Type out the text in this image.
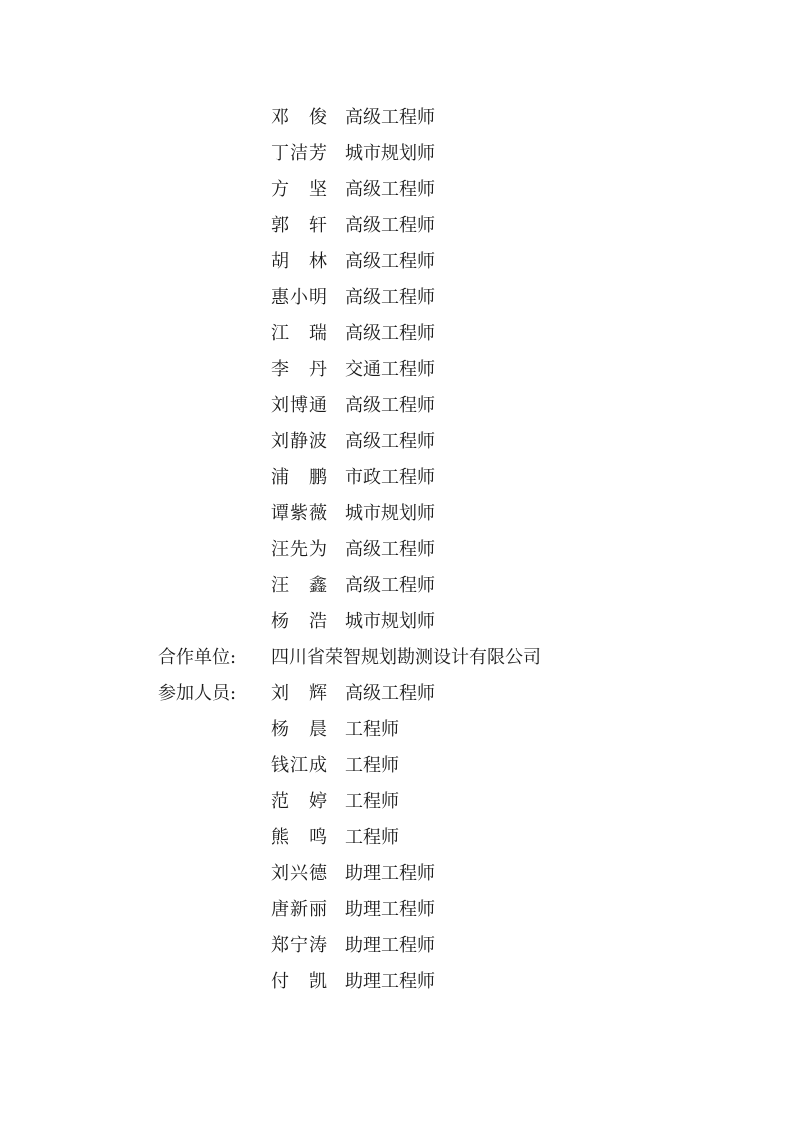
邓 俊 高级工程师
丁 洁 芳 城市规划师
方 坚 高级工程师
郭 轩 高级工程师
胡 林 高级工程师
惠 小 明 高级工程师
江 瑞 高级工程师
李 丹 交通工程师
刘 博 通 高级工程师
刘 静 波 高级工程师
浦 鹏 市政工程师
谭 紫 薇 城市规划师
汪 先 为 高级工程师
汪 鑫 高级工程师
杨 浩 城市规划师
合作单位: 四川省荣智规划勘测设计有限公司
参加人员: 刘 辉 高级工程师
杨 晨 工程师
钱 江 成 工程师
范 婷 工程师
熊 鸣 工程师
刘 兴 德 助理工程师
唐 新 丽 助理工程师
郑 宁 涛 助理工程师
付 凯 助理工程师
